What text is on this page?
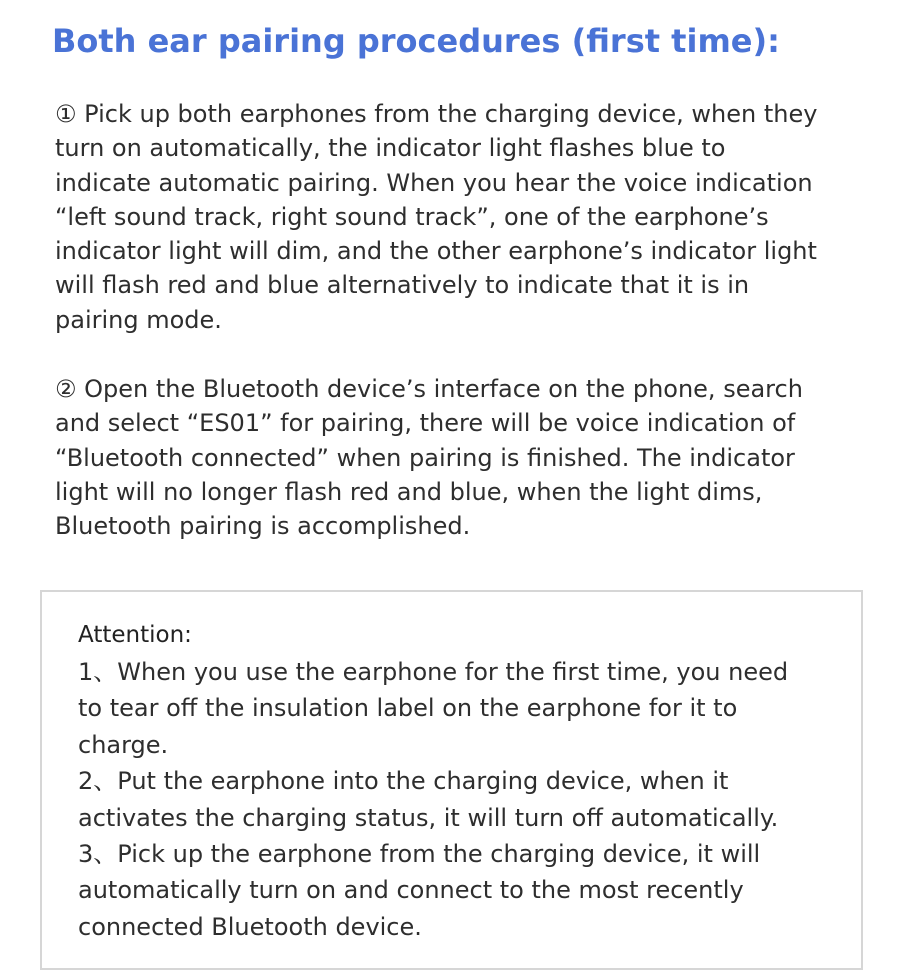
Both ear pairing procedures (first time):
① Pick up both earphones from the charging device, when they
turn on automatically, the indicator light flashes blue to
indicate automatic pairing. When you hear the voice indication
“left sound track, right sound track”, one of the earphone’s
indicator light will dim, and the other earphone’s indicator light
will flash red and blue alternatively to indicate that it is in
pairing mode.
② Open the Bluetooth device’s interface on the phone, search
and select “ES01” for pairing, there will be voice indication of
“Bluetooth connected” when pairing is finished. The indicator
light will no longer flash red and blue, when the light dims,
Bluetooth pairing is accomplished.
Attention:
1、When you use the earphone for the first time, you need
to tear off the insulation label on the earphone for it to
charge.
2、Put the earphone into the charging device, when it
activates the charging status, it will turn off automatically.
3、Pick up the earphone from the charging device, it will
automatically turn on and connect to the most recently
connected Bluetooth device.
